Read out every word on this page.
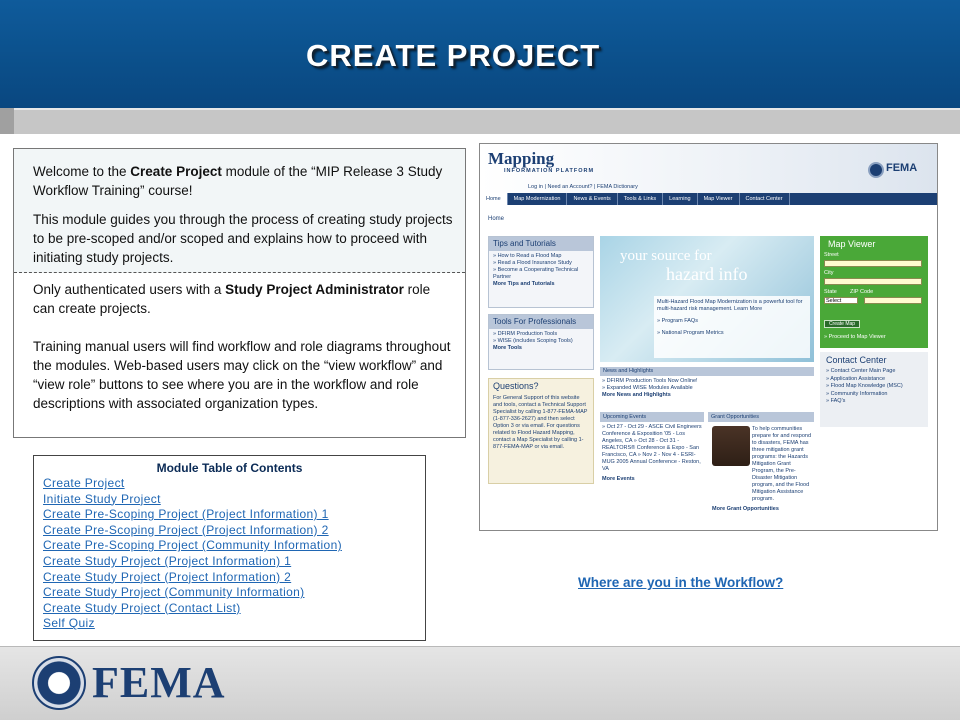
CREATE PROJECT
Welcome to the Create Project module of the “MIP Release 3 Study Workflow Training” course!
This module guides you through the process of creating study projects to be pre-scoped and/or scoped and explains how to proceed with initiating study projects.
Only authenticated users with a Study Project Administrator role can create projects.
Training manual users will find workflow and role diagrams throughout the modules. Web-based users may click on the “view workflow” and “view role” buttons to see where you are in the workflow and role descriptions with associated organization types.
Module Table of Contents
Create Project
Initiate Study Project
Create Pre-Scoping Project (Project Information) 1
Create Pre-Scoping Project (Project Information) 2
Create Pre-Scoping Project (Community Information)
Create Study Project (Project Information) 1
Create Study Project (Project Information) 2
Create Study Project (Community Information)
Create Study Project (Contact List)
Self Quiz
Mapping
INFORMATION PLATFORM	FEMA
Log in | Need an Account? | FEMA Dictionary
Home	Map Modernization	News & Events	Tools & Links	Learning	Map Viewer	Contact Center
Home
Tips and Tutorials
» How to Read a Flood Map
» Read a Flood Insurance Study
» Become a Cooperating Technical Partner
More Tips and Tutorials
Tools For Professionals
» DFIRM Production Tools
» WISE (includes Scoping Tools)
More Tools
Questions?
For General Support of this website and tools, contact a Technical Support Specialist by calling 1-877-FEMA-MAP (1-877-336-2627) and then select Option 3 or via email. For questions related to Flood Hazard Mapping, contact a Map Specialist by calling 1-877-FEMA-MAP or via email.
your source for
hazard info
Multi-Hazard Flood Map Modernization is a powerful tool for multi-hazard risk management. Learn More
» Program FAQs
» National Program Metrics
Map Viewer
Street
City
State ZIP Code
Select
Create Map
» Proceed to Map Viewer
Contact Center
» Contact Center Main Page
» Application Assistance
» Flood Map Knowledge (MSC)
» Community Information
» FAQ's
News and Highlights
» DFIRM Production Tools Now Online!
» Expanded WISE Modules Available
More News and Highlights
Upcoming Events	Grant Opportunities
» Oct 27 - Oct 29 - ASCE Civil Engineers Conference & Exposition '05 - Los Angeles, CA » Oct 28 - Oct 31 - REALTORS® Conference & Expo - San Francisco, CA » Nov 2 - Nov 4 - ESRI-MUG 2005 Annual Conference - Reston, VA
More Events
To help communities prepare for and respond to disasters, FEMA has three mitigation grant programs: the Hazards Mitigation Grant Program, the Pre-Disaster Mitigation program, and the Flood Mitigation Assistance program.
More Grant Opportunities
Where are you in the Workflow?
FEMA
